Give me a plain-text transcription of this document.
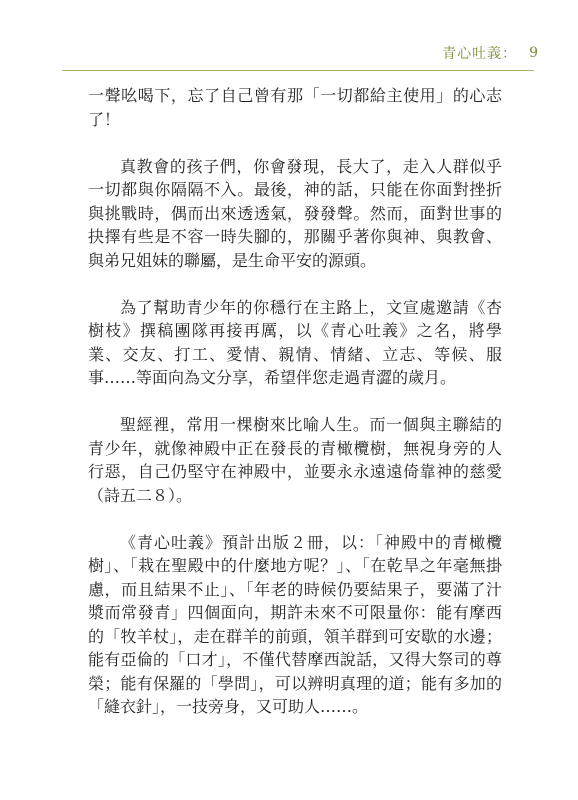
青心吐義： 9

一聲吆喝下，忘了自己曾有那「一切都給主使用」的心志了！

真教會的孩子們，你會發現，長大了，走入人群似乎一切都與你隔隔不入。最後，神的話，只能在你面對挫折與挑戰時，偶而出來透透氣，發發聲。然而，面對世事的抉擇有些是不容一時失腳的，那關乎著你與神、與教會、與弟兄姐妹的聯屬，是生命平安的源頭。

為了幫助青少年的你穩行在主路上，文宣處邀請《杏樹枝》撰稿團隊再接再厲，以《青心吐義》之名，將學業、交友、打工、愛情、親情、情緒、立志、等候、服事……等面向為文分享，希望伴您走過青澀的歲月。

聖經裡，常用一棵樹來比喻人生。而一個與主聯結的青少年，就像神殿中正在發長的青橄欖樹，無視身旁的人行惡，自己仍堅守在神殿中，並要永永遠遠倚靠神的慈愛（詩五二８）。

《青心吐義》預計出版２冊，以：「神殿中的青橄欖樹」、「栽在聖殿中的什麼地方呢？」、「在乾旱之年毫無掛慮，而且結果不止」、「年老的時候仍要結果子，要滿了汁漿而常發青」四個面向，期許未來不可限量你：能有摩西的「牧羊杖」，走在群羊的前頭，領羊群到可安歇的水邊；能有亞倫的「口才」，不僅代替摩西說話，又得大祭司的尊榮；能有保羅的「學問」，可以辨明真理的道；能有多加的「縫衣針」，一技旁身，又可助人……。
